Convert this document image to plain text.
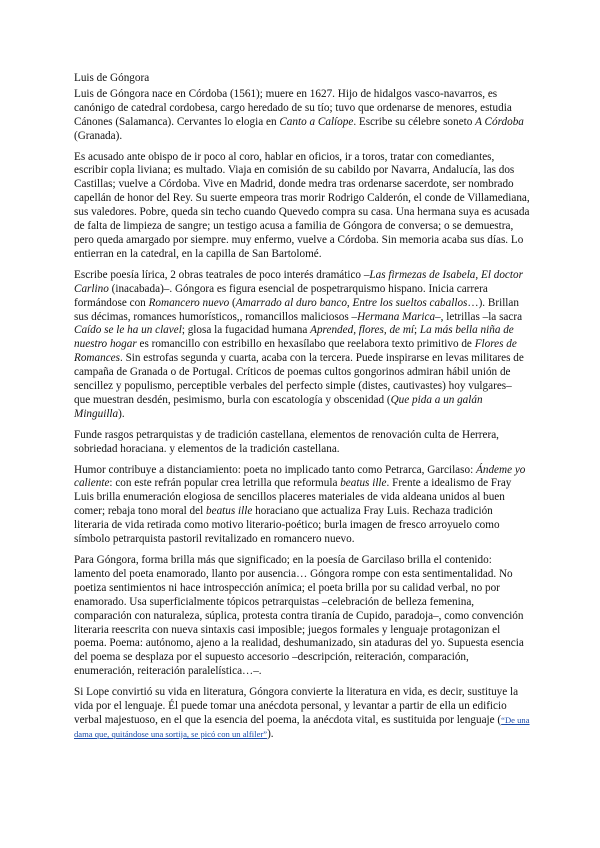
Luis de Góngora

Luis de Góngora nace en Córdoba (1561); muere en 1627. Hijo de hidalgos vasco-navarros, es canónigo de catedral cordobesa, cargo heredado de su tío; tuvo que ordenarse de menores, estudia Cánones (Salamanca). Cervantes lo elogia en Canto a Calíope. Escribe su célebre soneto A Córdoba (Granada).

Es acusado ante obispo de ir poco al coro, hablar en oficios, ir a toros, tratar con comediantes, escribir copla liviana; es multado. Viaja en comisión de su cabildo por Navarra, Andalucía, las dos Castillas; vuelve a Córdoba. Vive en Madrid, donde medra tras ordenarse sacerdote, ser nombrado capellán de honor del Rey. Su suerte empeora tras morir Rodrigo Calderón, el conde de Villamediana, sus valedores. Pobre, queda sin techo cuando Quevedo compra su casa. Una hermana suya es acusada de falta de limpieza de sangre; un testigo acusa a familia de Góngora de conversa; o se demuestra, pero queda amargado por siempre. muy enfermo, vuelve a Córdoba. Sin memoria acaba sus días. Lo entierran en la catedral, en la capilla de San Bartolomé.

Escribe poesía lírica, 2 obras teatrales de poco interés dramático –Las firmezas de Isabela, El doctor Carlino (inacabada)–. Góngora es figura esencial de pospetrarquismo hispano. Inicia carrera formándose con Romancero nuevo (Amarrado al duro banco, Entre los sueltos caballos…). Brillan sus décimas, romances humorísticos,, romancillos maliciosos –Hermana Marica–, letrillas –la sacra Caído se le ha un clavel; glosa la fugacidad humana Aprended, flores, de mí; La más bella niña de nuestro hogar es romancillo con estribillo en hexasílabo que reelabora texto primitivo de Flores de Romances. Sin estrofas segunda y cuarta, acaba con la tercera. Puede inspirarse en levas militares de campaña de Granada o de Portugal. Críticos de poemas cultos gongorinos admiran hábil unión de sencillez y populismo, perceptible verbales del perfecto simple (distes, cautivastes) hoy vulgares– que muestran desdén, pesimismo, burla con escatología y obscenidad (Que pida a un galán Minguilla).

Funde rasgos petrarquistas y de tradición castellana, elementos de renovación culta de Herrera, sobriedad horaciana. y elementos de la tradición castellana.

Humor contribuye a distanciamiento: poeta no implicado tanto como Petrarca, Garcilaso: Ándeme yo caliente: con este refrán popular crea letrilla que reformula beatus ille. Frente a idealismo de Fray Luis brilla enumeración elogiosa de sencillos placeres materiales de vida aldeana unidos al buen comer; rebaja tono moral del beatus ille horaciano que actualiza Fray Luis. Rechaza tradición literaria de vida retirada como motivo literario-poético; burla imagen de fresco arroyuelo como símbolo petrarquista pastoril revitalizado en romancero nuevo.

Para Góngora, forma brilla más que significado; en la poesía de Garcilaso brilla el contenido: lamento del poeta enamorado, llanto por ausencia… Góngora rompe con esta sentimentalidad. No poetiza sentimientos ni hace introspección anímica; el poeta brilla por su calidad verbal, no por enamorado. Usa superficialmente tópicos petrarquistas –celebración de belleza femenina, comparación con naturaleza, súplica, protesta contra tiranía de Cupido, paradoja–, como convención literaria reescrita con nueva sintaxis casi imposible; juegos formales y lenguaje protagonizan el poema. Poema: autónomo, ajeno a la realidad, deshumanizado, sin ataduras del yo. Supuesta esencia del poema se desplaza por el supuesto accesorio –descripción, reiteración, comparación, enumeración, reiteración paralelística…–.

Si Lope convirtió su vida en literatura, Góngora convierte la literatura en vida, es decir, sustituye la vida por el lenguaje. Él puede tomar una anécdota personal, y levantar a partir de ella un edificio verbal majestuoso, en el que la esencia del poema, la anécdota vital, es sustituida por lenguaje (“De una dama que, quitándose una sortija, se picó con un alfiler”).
